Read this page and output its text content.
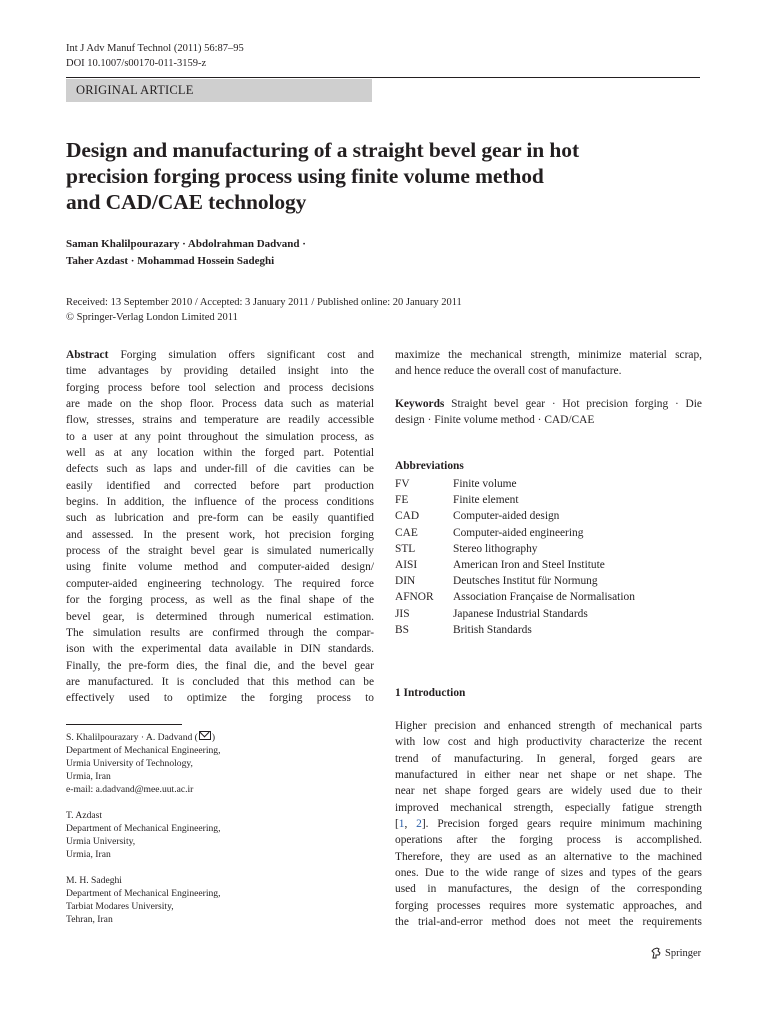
Int J Adv Manuf Technol (2011) 56:87–95
DOI 10.1007/s00170-011-3159-z
ORIGINAL ARTICLE
Design and manufacturing of a straight bevel gear in hot
precision forging process using finite volume method
and CAD/CAE technology
Saman Khalilpourazary · Abdolrahman Dadvand ·
Taher Azdast · Mohammad Hossein Sadeghi
Received: 13 September 2010 / Accepted: 3 January 2011 / Published online: 20 January 2011
© Springer-Verlag London Limited 2011
Abstract Forging simulation offers significant cost and
time advantages by providing detailed insight into the
forging process before tool selection and process decisions
are made on the shop floor. Process data such as material
flow, stresses, strains and temperature are readily accessible
to a user at any point throughout the simulation process, as
well as at any location within the forged part. Potential
defects such as laps and under-fill of die cavities can be
easily identified and corrected before part production
begins. In addition, the influence of the process conditions
such as lubrication and pre-form can be easily quantified
and assessed. In the present work, hot precision forging
process of the straight bevel gear is simulated numerically
using finite volume method and computer-aided design/
computer-aided engineering technology. The required force
for the forging process, as well as the final shape of the
bevel gear, is determined through numerical estimation.
The simulation results are confirmed through the compar-
ison with the experimental data available in DIN standards.
Finally, the pre-form dies, the final die, and the bevel gear
are manufactured. It is concluded that this method can be
effectively used to optimize the forging process to
S. Khalilpourazary · A. Dadvand ( )
Department of Mechanical Engineering,
Urmia University of Technology,
Urmia, Iran
e-mail: a.dadvand@mee.uut.ac.ir
T. Azdast
Department of Mechanical Engineering,
Urmia University,
Urmia, Iran
M. H. Sadeghi
Department of Mechanical Engineering,
Tarbiat Modares University,
Tehran, Iran
maximize the mechanical strength, minimize material scrap,
and hence reduce the overall cost of manufacture.
Keywords Straight bevel gear · Hot precision forging · Die
design · Finite volume method · CAD/CAE
Abbreviations
FV	Finite volume
FE	Finite element
CAD	Computer-aided design
CAE	Computer-aided engineering
STL	Stereo lithography
AISI	American Iron and Steel Institute
DIN	Deutsches Institut für Normung
AFNOR Association Française de Normalisation
JIS	Japanese Industrial Standards
BS	British Standards
1 Introduction
Higher precision and enhanced strength of mechanical parts
with low cost and high productivity characterize the recent
trend of manufacturing. In general, forged gears are
manufactured in either near net shape or net shape. The
near net shape forged gears are widely used due to their
improved mechanical strength, especially fatigue strength
[1, 2]. Precision forged gears require minimum machining
operations after the forging process is accomplished.
Therefore, they are used as an alternative to the machined
ones. Due to the wide range of sizes and types of the gears
used in manufactures, the design of the corresponding
forging processes requires more systematic approaches, and
the trial-and-error method does not meet the requirements
Springer
